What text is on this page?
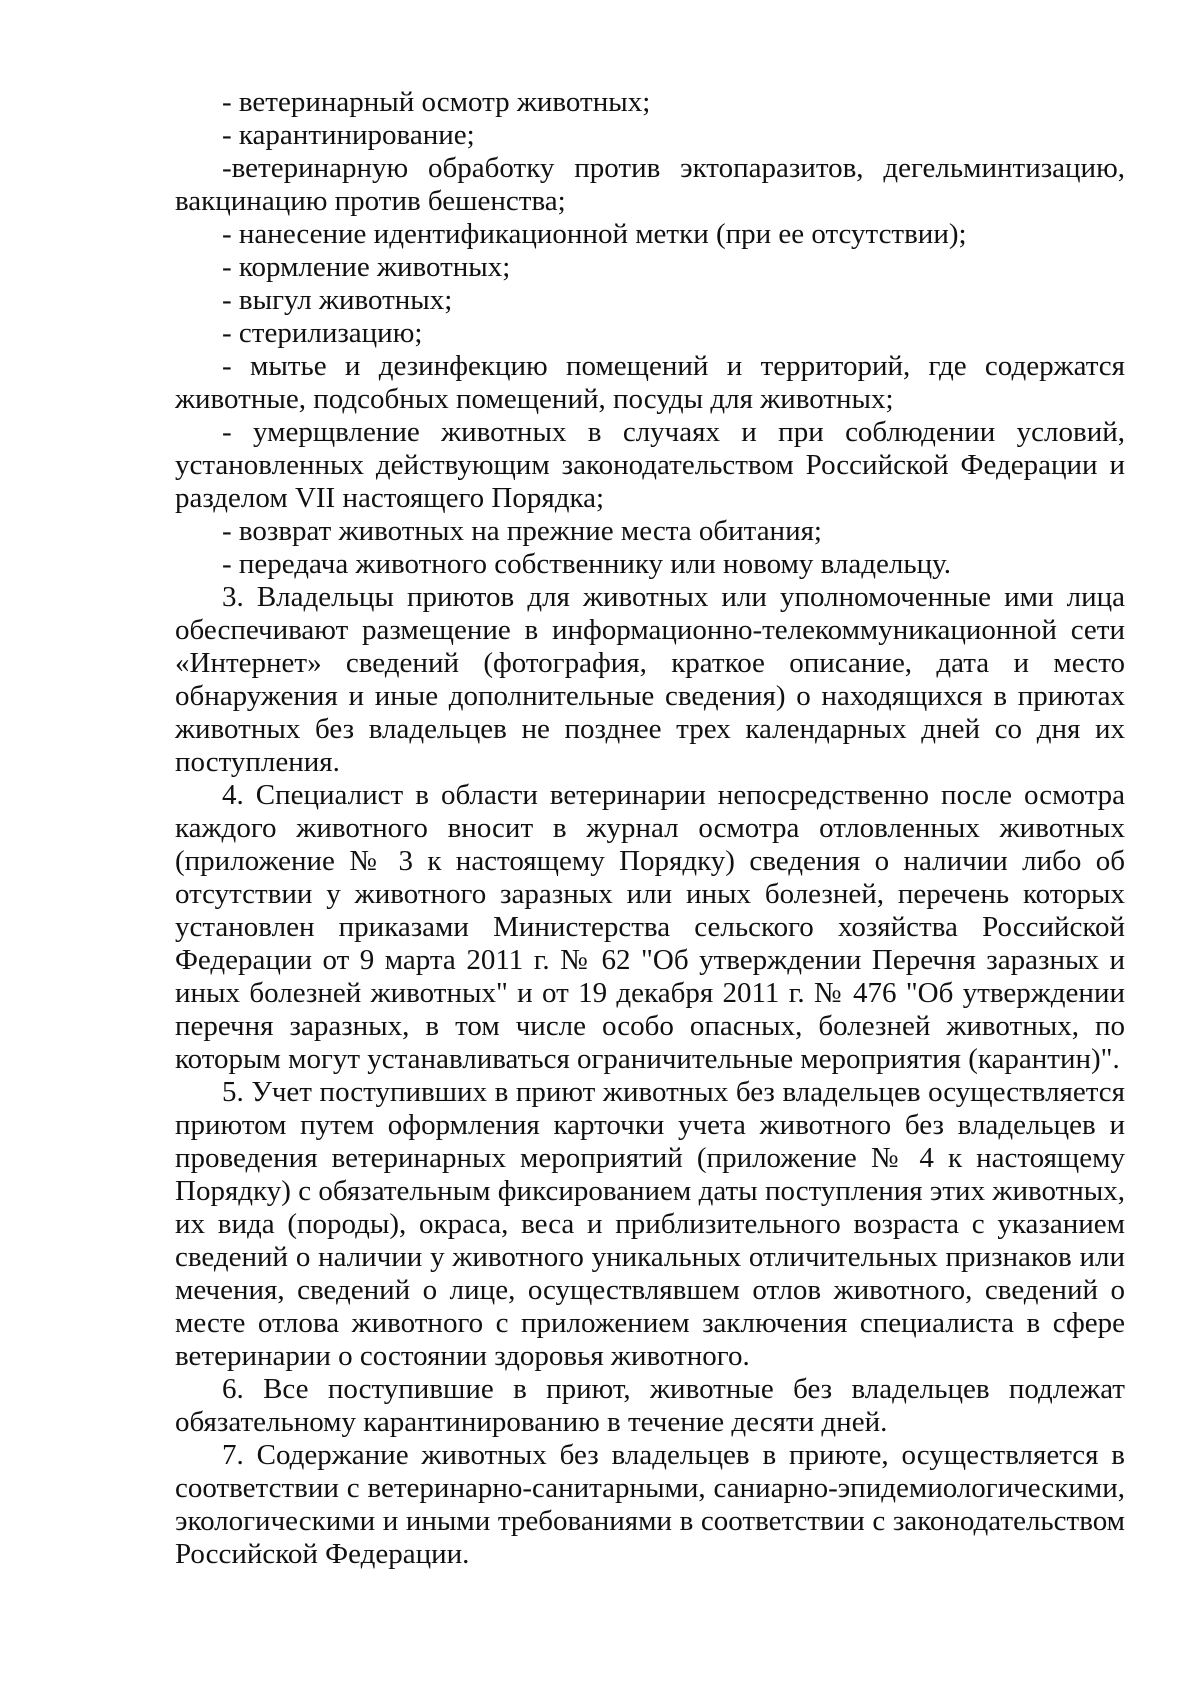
- ветеринарный осмотр животных;

- карантинирование;

-ветеринарную обработку против эктопаразитов, дегельминтизацию, вакцинацию против бешенства;

- нанесение идентификационной метки (при ее отсутствии);

- кормление животных;

- выгул животных;

- стерилизацию;

- мытье и дезинфекцию помещений и территорий, где содержатся животные, подсобных помещений, посуды для животных;

- умерщвление животных в случаях и при соблюдении условий, установленных действующим законодательством Российской Федерации и разделом VII настоящего Порядка;

- возврат животных на прежние места обитания;

- передача животного собственнику или новому владельцу.

3. Владельцы приютов для животных или уполномоченные ими лица обеспечивают размещение в информационно-телекоммуникационной сети «Интернет» сведений (фотография, краткое описание, дата и место обнаружения и иные дополнительные сведения) о находящихся в приютах животных без владельцев не позднее трех календарных дней со дня их поступления.

4. Специалист в области ветеринарии непосредственно после осмотра каждого животного вносит в журнал осмотра отловленных животных (приложение № 3 к настоящему Порядку) сведения о наличии либо об отсутствии у животного заразных или иных болезней, перечень которых установлен приказами Министерства сельского хозяйства Российской Федерации от 9 марта 2011 г. № 62 "Об утверждении Перечня заразных и иных болезней животных" и от 19 декабря 2011 г. № 476 "Об утверждении перечня заразных, в том числе особо опасных, болезней животных, по которым могут устанавливаться ограничительные мероприятия (карантин)".

5. Учет поступивших в приют животных без владельцев осуществляется приютом путем оформления карточки учета животного без владельцев и проведения ветеринарных мероприятий (приложение № 4 к настоящему Порядку) с обязательным фиксированием даты поступления этих животных, их вида (породы), окраса, веса и приблизительного возраста с указанием сведений о наличии у животного уникальных отличительных признаков или мечения, сведений о лице, осуществлявшем отлов животного, сведений о месте отлова животного с приложением заключения специалиста в сфере ветеринарии о состоянии здоровья животного.

6. Все поступившие в приют, животные без владельцев подлежат обязательному карантинированию в течение десяти дней.

7. Содержание животных без владельцев в приюте, осуществляется в соответствии с ветеринарно-санитарными, саниарно-эпидемиологическими, экологическими и иными требованиями в соответствии с законодательством Российской Федерации.
